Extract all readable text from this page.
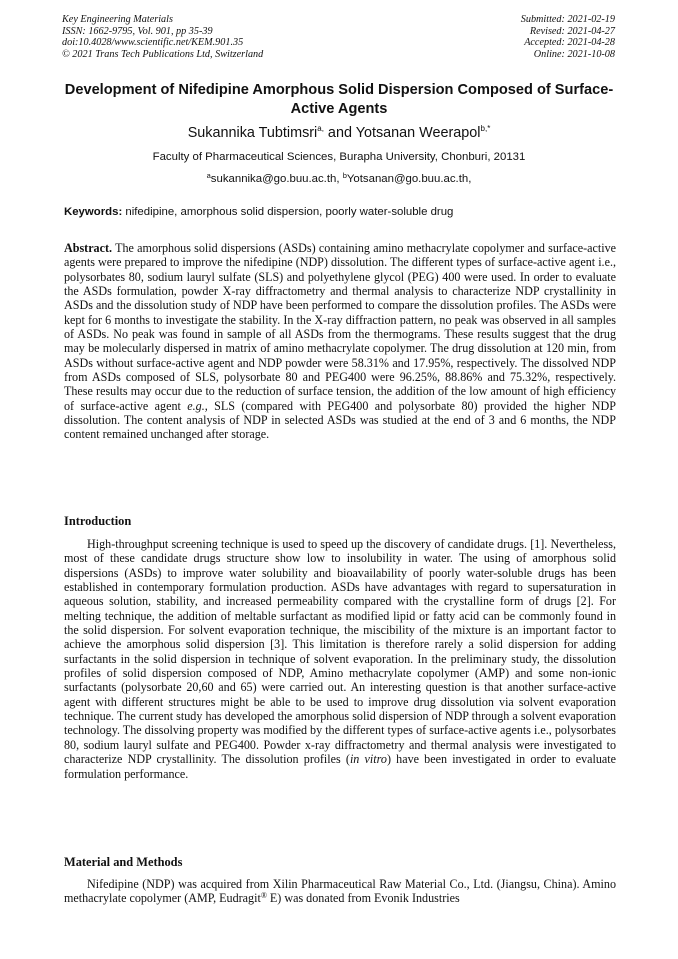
Key Engineering Materials
ISSN: 1662-9795, Vol. 901, pp 35-39
doi:10.4028/www.scientific.net/KEM.901.35
© 2021 Trans Tech Publications Ltd, Switzerland
Submitted: 2021-02-19
Revised: 2021-04-27
Accepted: 2021-04-28
Online: 2021-10-08
Development of Nifedipine Amorphous Solid Dispersion Composed of Surface-Active Agents
Sukannika Tubtimsri$^{a,}$ and Yotsanan Weerapol$^{b,*}$
Faculty of Pharmaceutical Sciences, Burapha University, Chonburi, 20131
$^a$sukannika@go.buu.ac.th, $^b$Yotsanan@go.buu.ac.th,
Keywords: nifedipine, amorphous solid dispersion, poorly water-soluble drug

Abstract. The amorphous solid dispersions (ASDs) containing amino methacrylate copolymer and surface-active agents were prepared to improve the nifedipine (NDP) dissolution. The different types of surface-active agent i.e., polysorbates 80, sodium lauryl sulfate (SLS) and polyethylene glycol (PEG) 400 were used. In order to evaluate the ASDs formulation, powder X-ray diffractometry and thermal analysis to characterize NDP crystallinity in ASDs and the dissolution study of NDP have been performed to compare the dissolution profiles. The ASDs were kept for 6 months to investigate the stability. In the X-ray diffraction pattern, no peak was observed in all samples of ASDs. No peak was found in sample of all ASDs from the thermograms. These results suggest that the drug may be molecularly dispersed in matrix of amino methacrylate copolymer. The drug dissolution at 120 min, from ASDs without surface-active agent and NDP powder were 58.31% and 17.95%, respectively. The dissolved NDP from ASDs composed of SLS, polysorbate 80 and PEG400 were 96.25%, 88.86% and 75.32%, respectively. These results may occur due to the reduction of surface tension, the addition of the low amount of high efficiency of surface-active agent e.g., SLS (compared with PEG400 and polysorbate 80) provided the higher NDP dissolution. The content analysis of NDP in selected ASDs was studied at the end of 3 and 6 months, the NDP content remained unchanged after storage.

Introduction

High-throughput screening technique is used to speed up the discovery of candidate drugs. [1]. Nevertheless, most of these candidate drugs structure show low to insolubility in water. The using of amorphous solid dispersions (ASDs) to improve water solubility and bioavailability of poorly water-soluble drugs has been established in contemporary formulation production. ASDs have advantages with regard to supersaturation in aqueous solution, stability, and increased permeability compared with the crystalline form of drugs [2]. For melting technique, the addition of meltable surfactant as modified lipid or fatty acid can be commonly found in the solid dispersion. For solvent evaporation technique, the miscibility of the mixture is an important factor to achieve the amorphous solid dispersion [3]. This limitation is therefore rarely a solid dispersion for adding surfactants in the solid dispersion in technique of solvent evaporation. In the preliminary study, the dissolution profiles of solid dispersion composed of NDP, Amino methacrylate copolymer (AMP) and some non-ionic surfactants (polysorbate 20,60 and 65) were carried out. An interesting question is that another surface-active agent with different structures might be able to be used to improve drug dissolution via solvent evaporation technique. The current study has developed the amorphous solid dispersion of NDP through a solvent evaporation technology. The dissolving property was modified by the different types of surface-active agents i.e., polysorbates 80, sodium lauryl sulfate and PEG400. Powder x-ray diffractometry and thermal analysis were investigated to characterize NDP crystallinity. The dissolution profiles (in vitro) have been investigated in order to evaluate formulation performance.

Material and Methods

Nifedipine (NDP) was acquired from Xilin Pharmaceutical Raw Material Co., Ltd. (Jiangsu, China). Amino methacrylate copolymer (AMP, Eudragit® E) was donated from Evonik Industries
